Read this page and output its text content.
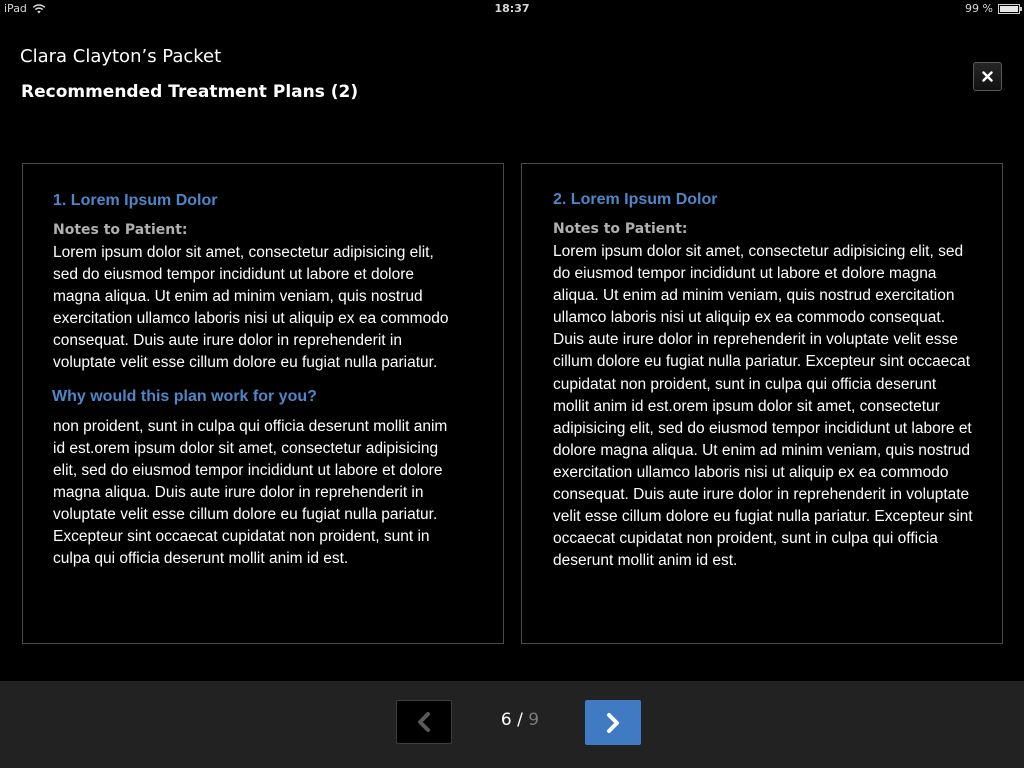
iPad	18:37	99 %
Clara Clayton’s Packet
Recommended Treatment Plans (2)
1. Lorem Ipsum Dolor
Notes to Patient:

Lorem ipsum dolor sit amet, consectetur adipisicing elit, sed do eiusmod tempor incididunt ut labore et dolore magna aliqua. Ut enim ad minim veniam, quis nostrud exercitation ullamco laboris nisi ut aliquip ex ea commodo consequat. Duis aute irure dolor in reprehenderit in voluptate velit esse cillum dolore eu fugiat nulla pariatur.

Why would this plan work for you?

non proident, sunt in culpa qui officia deserunt mollit anim id est.orem ipsum dolor sit amet, consectetur adipisicing elit, sed do eiusmod tempor incididunt ut labore et dolore magna aliqua. Duis aute irure dolor in reprehenderit in voluptate velit esse cillum dolore eu fugiat nulla pariatur. Excepteur sint occaecat cupidatat non proident, sunt in culpa qui officia deserunt mollit anim id est.

2. Lorem Ipsum Dolor
Notes to Patient:

Lorem ipsum dolor sit amet, consectetur adipisicing elit, sed do eiusmod tempor incididunt ut labore et dolore magna aliqua. Ut enim ad minim veniam, quis nostrud exercitation ullamco laboris nisi ut aliquip ex ea commodo consequat. Duis aute irure dolor in reprehenderit in voluptate velit esse cillum dolore eu fugiat nulla pariatur. Excepteur sint occaecat cupidatat non proident, sunt in culpa qui officia deserunt mollit anim id est.orem ipsum dolor sit amet, consectetur adipisicing elit, sed do eiusmod tempor incididunt ut labore et dolore magna aliqua. Ut enim ad minim veniam, quis nostrud exercitation ullamco laboris nisi ut aliquip ex ea commodo consequat. Duis aute irure dolor in reprehenderit in voluptate velit esse cillum dolore eu fugiat nulla pariatur. Excepteur sint occaecat cupidatat non proident, sunt in culpa qui officia deserunt mollit anim id est.

6 / 9
